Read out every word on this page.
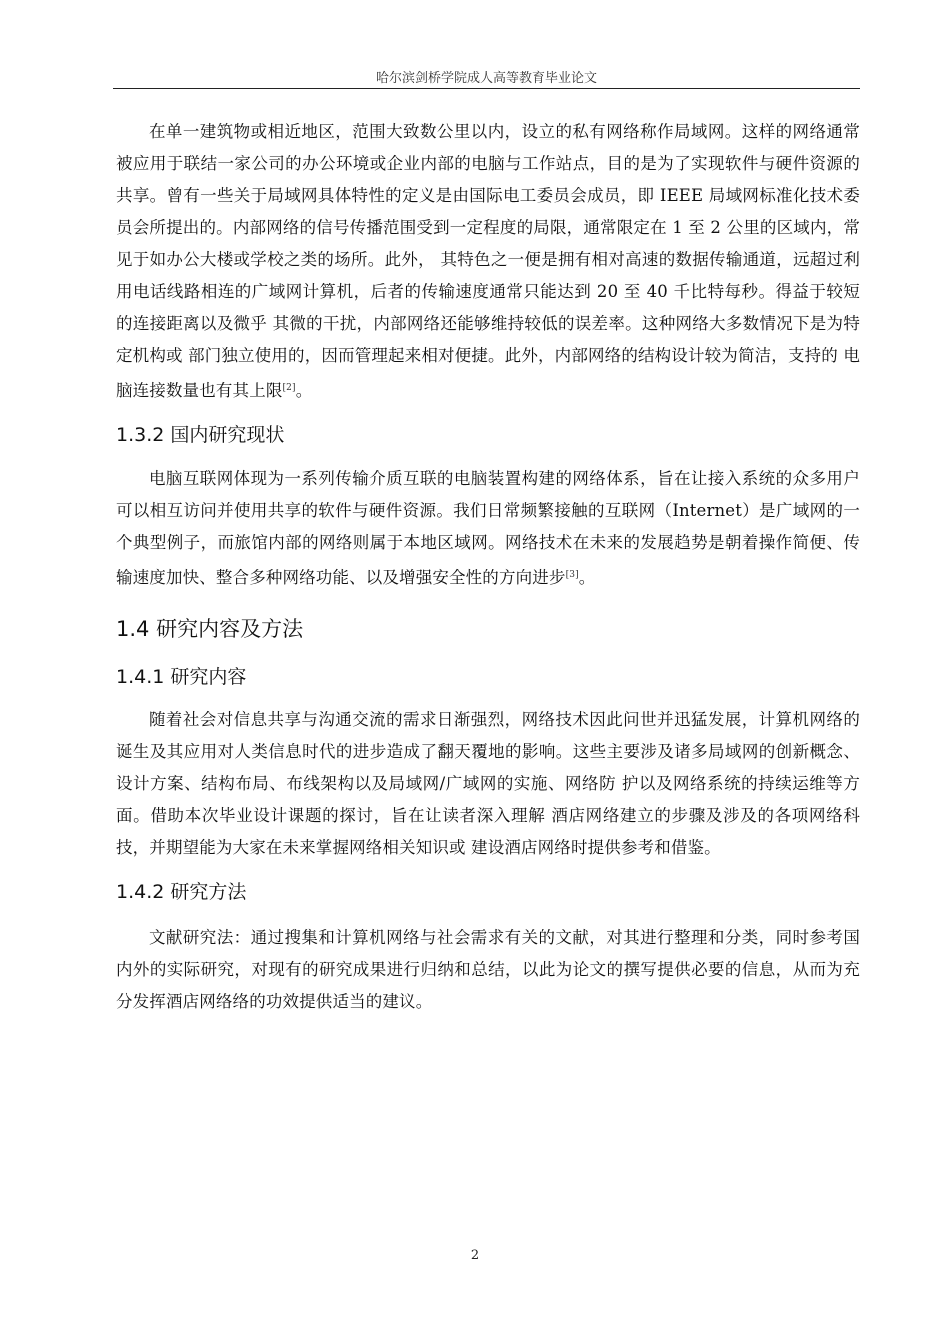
哈尔滨剑桥学院成人高等教育毕业论文

在单一建筑物或相近地区，范围大致数公里以内，设立的私有网络称作局域网。这样的网络通常被应用于联结一家公司的办公环境或企业内部的电脑与工作站点，目的是为了实现软件与硬件资源的共享。曾有一些关于局域网具体特性的定义是由国际电工委员会成员，即 IEEE 局域网标准化技术委员会所提出的。内部网络的信号传播范围受到一定程度的局限，通常限定在 1 至 2 公里的区域内，常见于如办公大楼或学校之类的场所。此外， 其特色之一便是拥有相对高速的数据传输通道，远超过利用电话线路相连的广域网计算机，后者的传输速度通常只能达到 20 至 40 千比特每秒。得益于较短的连接距离以及微乎 其微的干扰，内部网络还能够维持较低的误差率。这种网络大多数情况下是为特定机构或 部门独立使用的，因而管理起来相对便捷。此外，内部网络的结构设计较为简洁，支持的 电脑连接数量也有其上限[2]。

1.3.2 国内研究现状

电脑互联网体现为一系列传输介质互联的电脑装置构建的网络体系，旨在让接入系统的众多用户可以相互访问并使用共享的软件与硬件资源。我们日常频繁接触的互联网（Internet）是广域网的一个典型例子，而旅馆内部的网络则属于本地区域网。网络技术在未来的发展趋势是朝着操作简便、传输速度加快、整合多种网络功能、以及增强安全性的方向进步[3]。

1.4 研究内容及方法
1.4.1 研究内容

随着社会对信息共享与沟通交流的需求日渐强烈，网络技术因此问世并迅猛发展，计算机网络的诞生及其应用对人类信息时代的进步造成了翻天覆地的影响。这些主要涉及诸多局域网的创新概念、设计方案、结构布局、布线架构以及局域网/广域网的实施、网络防 护以及网络系统的持续运维等方面。借助本次毕业设计课题的探讨，旨在让读者深入理解 酒店网络建立的步骤及涉及的各项网络科技，并期望能为大家在未来掌握网络相关知识或 建设酒店网络时提供参考和借鉴。

1.4.2 研究方法

文献研究法：通过搜集和计算机网络与社会需求有关的文献，对其进行整理和分类，同时参考国内外的实际研究，对现有的研究成果进行归纳和总结，以此为论文的撰写提供必要的信息，从而为充分发挥酒店网络络的功效提供适当的建议。

2
